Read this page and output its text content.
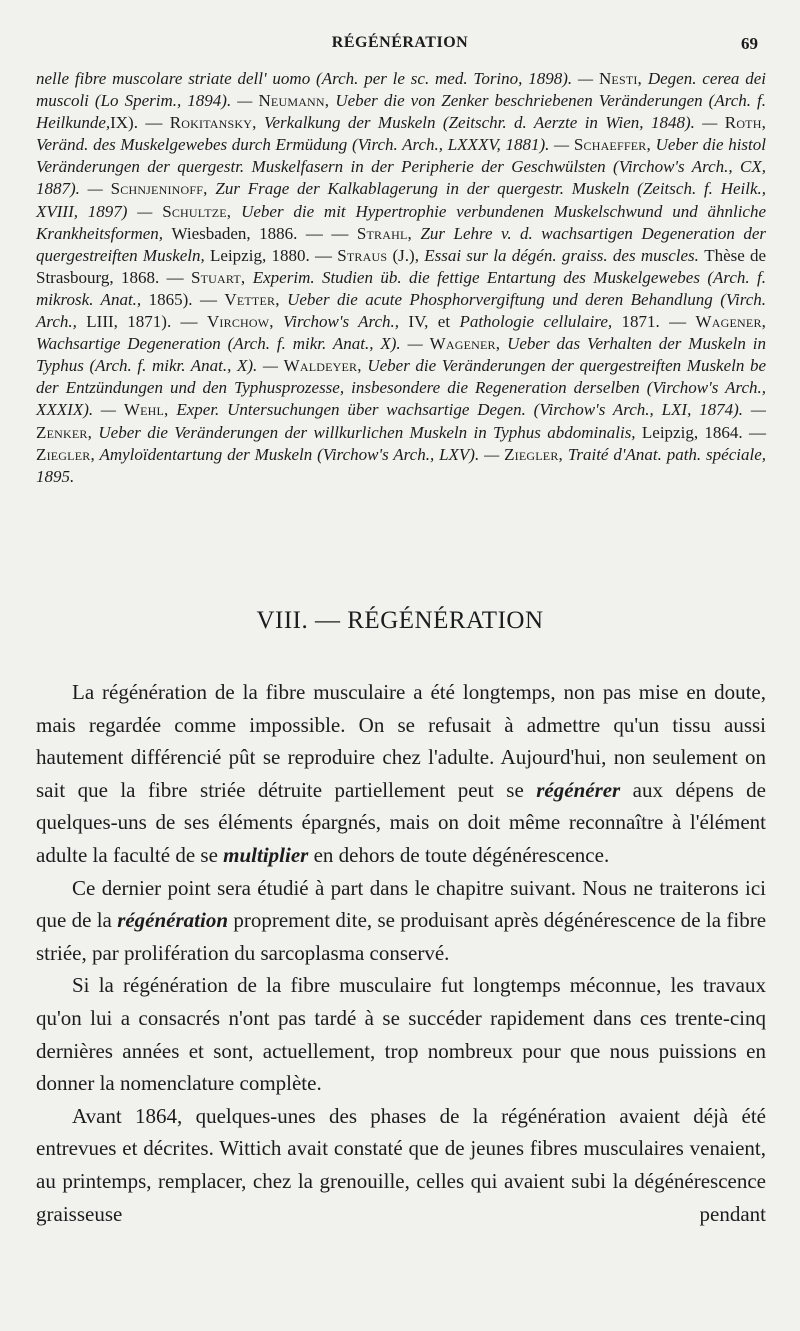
RÉGÉNÉRATION	69
nelle fibre muscolare striate dell' uomo (Arch. per le sc. med. Torino, 1898). — Nesti, Degen. cerea dei muscoli (Lo Sperim., 1894). — Neumann, Ueber die von Zenker beschriebenen Veränderungen (Arch. f. Heilkunde,IX). — Rokitansky, Verkalkung der Muskeln (Zeitschr. d. Aerzte in Wien, 1848). — Roth, Veränd. des Muskelgewebes durch Ermüdung (Virch. Arch., LXXXV, 1881). — Schaeffer, Ueber die histol Veränderungen der quergestr. Muskelfasern in der Peripherie der Geschwülsten (Virchow's Arch., CX, 1887). — Schnjeninoff, Zur Frage der Kalkablagerung in der quergestr. Muskeln (Zeitsch. f. Heilk., XVIII, 1897) — Schultze, Ueber die mit Hypertrophie verbundenen Muskelschwund und ähnliche Krankheitsformen, Wiesbaden, 1886. — — Strahl, Zur Lehre v. d. wachsartigen Degeneration der quergestreiften Muskeln, Leipzig, 1880. — Straus (J.), Essai sur la dégén. graiss. des muscles. Thèse de Strasbourg, 1868. — Stuart, Experim. Studien üb. die fettige Entartung des Muskelgewebes (Arch. f. mikrosk. Anat., 1865). — Vetter, Ueber die acute Phosphorvergiftung und deren Behandlung (Virch. Arch., LIII, 1871). — Virchow, Virchow's Arch., IV, et Pathologie cellulaire, 1871. — Wagener, Wachsartige Degeneration (Arch. f. mikr. Anat., X). — Wagener, Ueber das Verhalten der Muskeln in Typhus (Arch. f. mikr. Anat., X). — Waldeyer, Ueber die Veränderungen der quergestreiften Muskeln be der Entzündungen und den Typhusprozesse, insbesondere die Regeneration derselben (Virchow's Arch., XXXIX). — Wehl, Exper. Untersuchungen über wachsartige Degen. (Virchow's Arch., LXI, 1874). — Zenker, Ueber die Veränderungen der willkurlichen Muskeln in Typhus abdominalis, Leipzig, 1864. — Ziegler, Amyloïdentartung der Muskeln (Virchow's Arch., LXV). — Ziegler, Traité d'Anat. path. spéciale, 1895.
VIII. — RÉGÉNÉRATION

La régénération de la fibre musculaire a été longtemps, non pas mise en doute, mais regardée comme impossible. On se refusait à admettre qu'un tissu aussi hautement différencié pût se reproduire chez l'adulte. Aujourd'hui, non seulement on sait que la fibre striée détruite partiellement peut se régénérer aux dépens de quelques-uns de ses éléments épargnés, mais on doit même reconnaître à l'élément adulte la faculté de se multiplier en dehors de toute dégénérescence.

Ce dernier point sera étudié à part dans le chapitre suivant. Nous ne traiterons ici que de la régénération proprement dite, se produisant après dégénérescence de la fibre striée, par prolifération du sarcoplasma conservé.

Si la régénération de la fibre musculaire fut longtemps méconnue, les travaux qu'on lui a consacrés n'ont pas tardé à se succéder rapidement dans ces trente-cinq dernières années et sont, actuellement, trop nombreux pour que nous puissions en donner la nomenclature complète.

Avant 1864, quelques-unes des phases de la régénération avaient déjà été entrevues et décrites. Wittich avait constaté que de jeunes fibres musculaires venaient, au printemps, remplacer, chez la grenouille, celles qui avaient subi la dégénérescence graisseuse pendant
